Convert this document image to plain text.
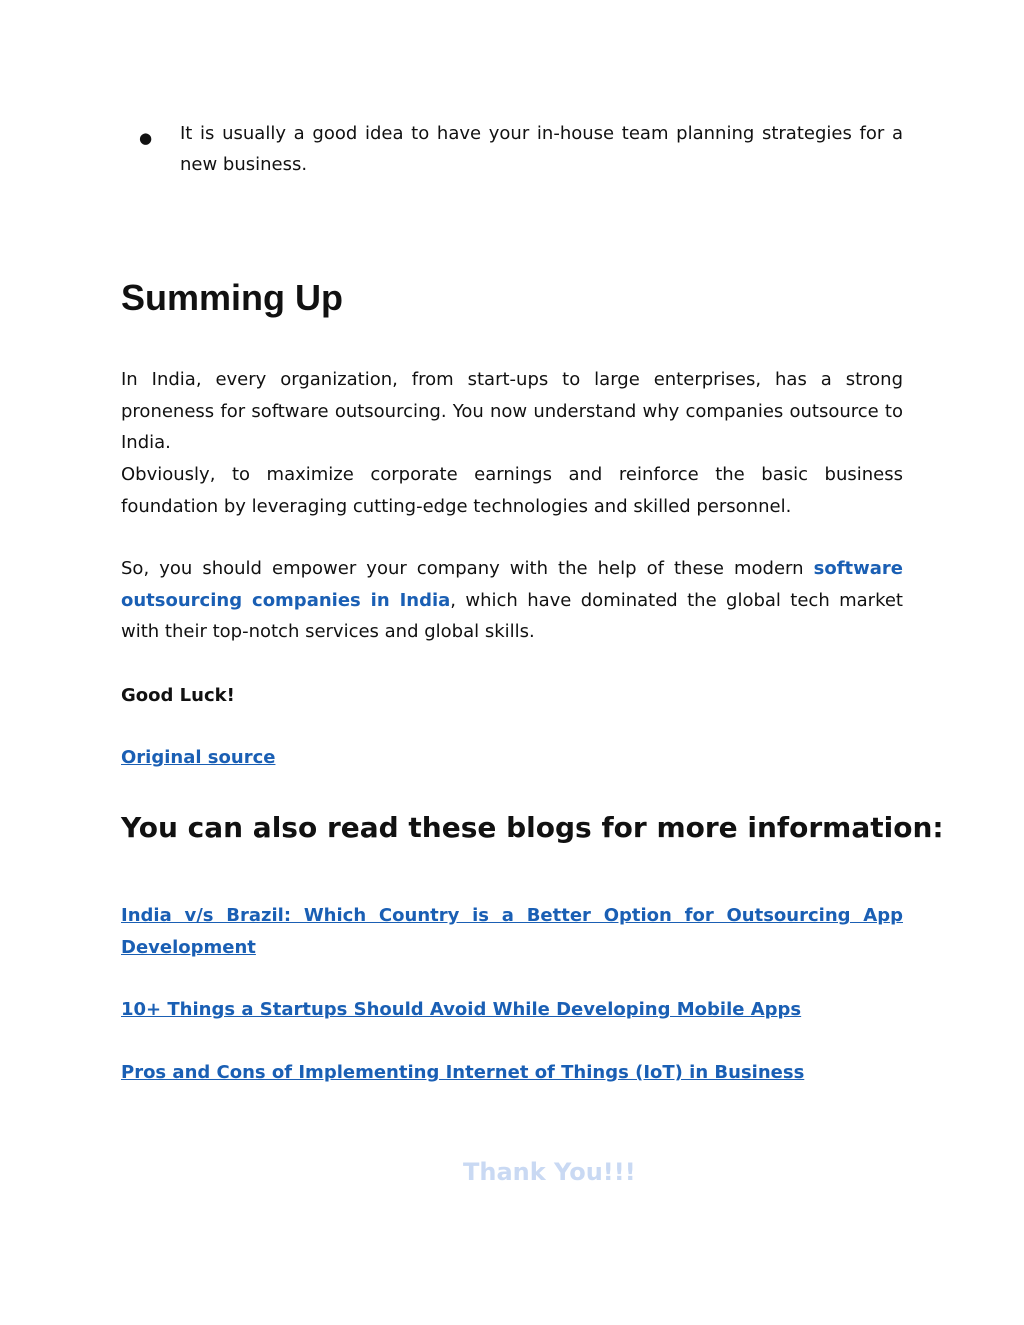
● It is usually a good idea to have your in-house team planning strategies for a new business.
Summing Up

In India, every organization, from start-ups to large enterprises, has a strong proneness for software outsourcing. You now understand why companies outsource to India.

Obviously, to maximize corporate earnings and reinforce the basic business foundation by leveraging cutting-edge technologies and skilled personnel.

So, you should empower your company with the help of these modern software outsourcing companies in India, which have dominated the global tech market with their top-notch services and global skills.

Good Luck!

Original source

You can also read these blogs for more information:
India v/s Brazil: Which Country is a Better Option for Outsourcing App Development
10+ Things a Startups Should Avoid While Developing Mobile Apps
Pros and Cons of Implementing Internet of Things (IoT) in Business
Thank You!!!
